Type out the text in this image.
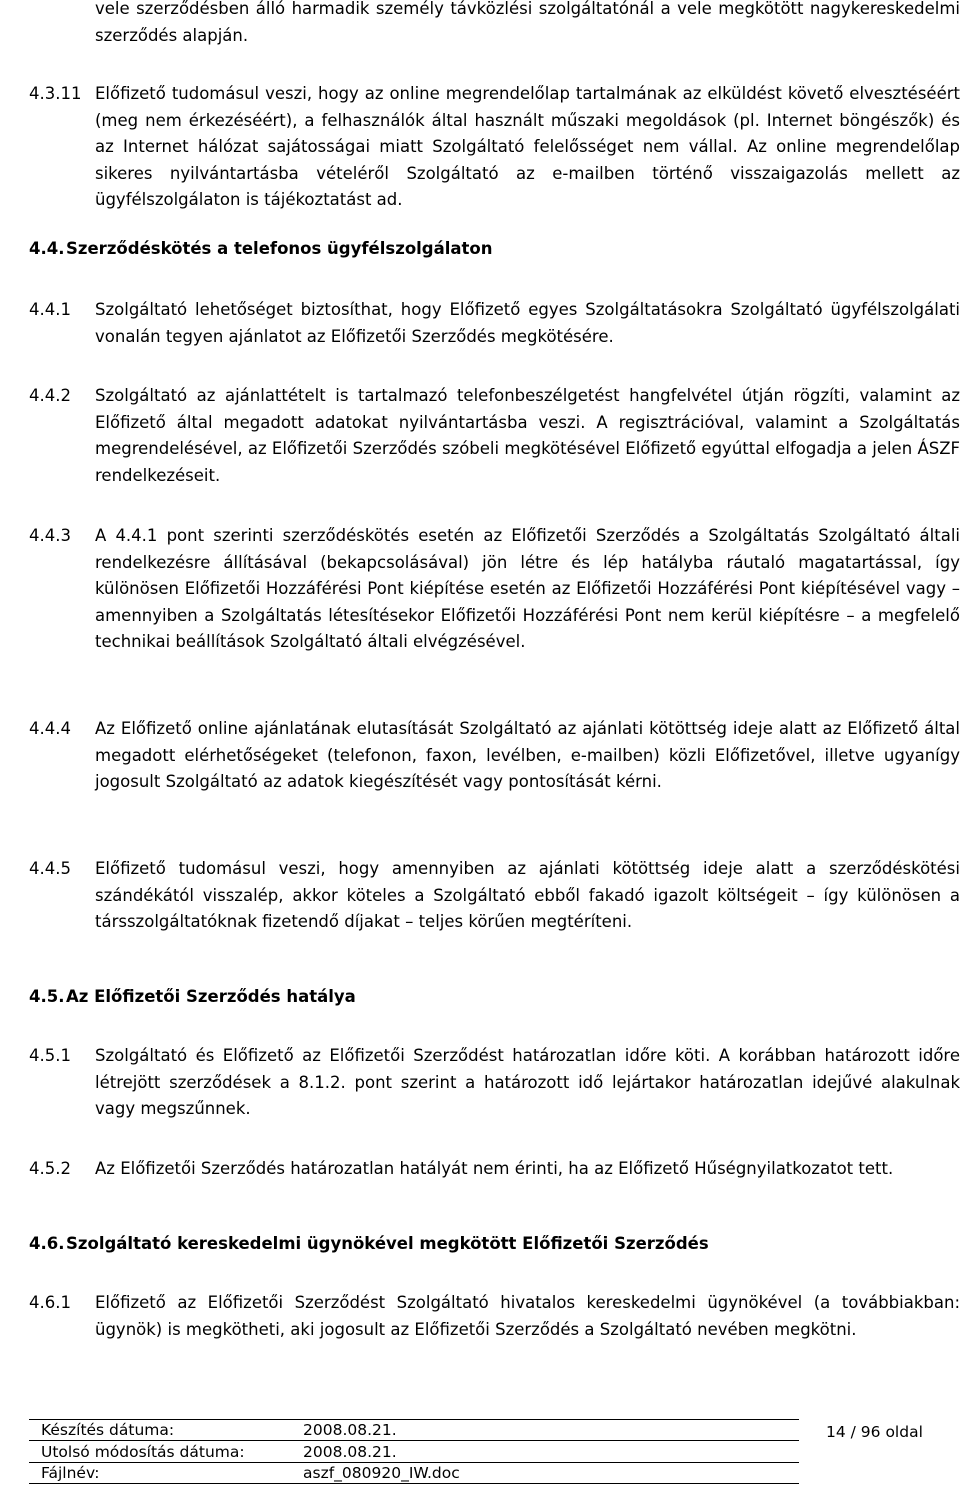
vele szerződésben álló harmadik személy távközlési szolgáltatónál a vele megkötött nagykereskedelmi szerződés alapján.
4.3.11 Előfizető tudomásul veszi, hogy az online megrendelőlap tartalmának az elküldést követő elvesztéséért (meg nem érkezéséért), a felhasználók által használt műszaki megoldások (pl. Internet böngészők) és az Internet hálózat sajátosságai miatt Szolgáltató felelősséget nem vállal. Az online megrendelőlap sikeres nyilvántartásba vételéről Szolgáltató az e-mailben történő visszaigazolás mellett az ügyfélszolgálaton is tájékoztatást ad.
4.4. Szerződéskötés a telefonos ügyfélszolgálaton
4.4.1 Szolgáltató lehetőséget biztosíthat, hogy Előfizető egyes Szolgáltatásokra Szolgáltató ügyfélszolgálati vonalán tegyen ajánlatot az Előfizetői Szerződés megkötésére.
4.4.2 Szolgáltató az ajánlattételt is tartalmazó telefonbeszélgetést hangfelvétel útján rögzíti, valamint az Előfizető által megadott adatokat nyilvántartásba veszi. A regisztrációval, valamint a Szolgáltatás megrendelésével, az Előfizetői Szerződés szóbeli megkötésével Előfizető egyúttal elfogadja a jelen ÁSZF rendelkezéseit.
4.4.3 A 4.4.1 pont szerinti szerződéskötés esetén az Előfizetői Szerződés a Szolgáltatás Szolgáltató általi rendelkezésre állításával (bekapcsolásával) jön létre és lép hatályba ráutaló magatartással, így különösen Előfizetői Hozzáférési Pont kiépítése esetén az Előfizetői Hozzáférési Pont kiépítésével vagy – amennyiben a Szolgáltatás létesítésekor Előfizetői Hozzáférési Pont nem kerül kiépítésre – a megfelelő technikai beállítások Szolgáltató általi elvégzésével.
4.4.4 Az Előfizető online ajánlatának elutasítását Szolgáltató az ajánlati kötöttség ideje alatt az Előfizető által megadott elérhetőségeket (telefonon, faxon, levélben, e-mailben) közli Előfizetővel, illetve ugyanígy jogosult Szolgáltató az adatok kiegészítését vagy pontosítását kérni.
4.4.5 Előfizető tudomásul veszi, hogy amennyiben az ajánlati kötöttség ideje alatt a szerződéskötési szándékától visszalép, akkor köteles a Szolgáltató ebből fakadó igazolt költségeit – így különösen a társszolgáltatóknak fizetendő díjakat – teljes körűen megtéríteni.
4.5. Az Előfizetői Szerződés hatálya
4.5.1 Szolgáltató és Előfizető az Előfizetői Szerződést határozatlan időre köti. A korábban határozott időre létrejött szerződések a 8.1.2. pont szerint a határozott idő lejártakor határozatlan idejűvé alakulnak vagy megszűnnek.
4.5.2 Az Előfizetői Szerződés határozatlan hatályát nem érinti, ha az Előfizető Hűségnyilatkozatot tett.
4.6. Szolgáltató kereskedelmi ügynökével megkötött Előfizetői Szerződés
4.6.1 Előfizető az Előfizetői Szerződést Szolgáltató hivatalos kereskedelmi ügynökével (a továbbiakban: ügynök) is megkötheti, aki jogosult az Előfizetői Szerződés a Szolgáltató nevében megkötni.
Készítés dátuma:	2008.08.21.
Utolsó módosítás dátuma:	2008.08.21.
Fájlnév:	aszf_080920_IW.doc
14 / 96 oldal
